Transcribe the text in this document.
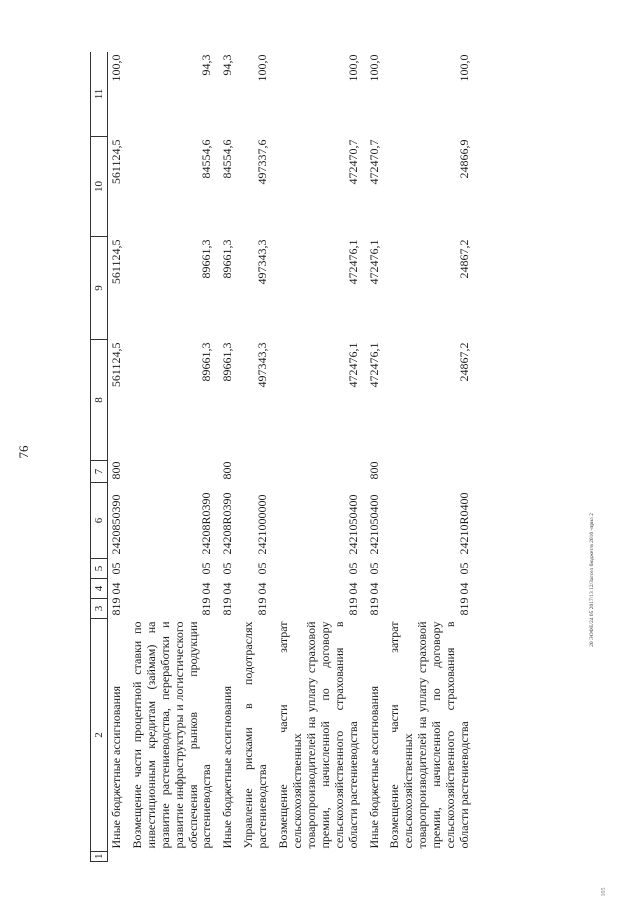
76
1	2	3	4	5	6	7	8	9	10	11
	Иные бюджетные ассигнования	819	04	05	2420850390	800	561124,5	561124,5	561124,5	100,0
	Возмещение части процентной ставки по инвестиционным кредитам (займам) на развитие растениеводства, переработки и развитие инфраструктуры и логистического обеспечения рынков продукции растениеводства	819	04	05	24208R0390		89661,3	89661,3	84554,6	94,3
	Иные бюджетные ассигнования	819	04	05	24208R0390	800	89661,3	89661,3	84554,6	94,3
	Управление рисками в подотраслях растениеводства	819	04	05	2421000000		497343,3	497343,3	497337,6	100,0
	Возмещение части затрат сельскохозяйственных товаропроизводителей на уплату страховой премии, начисленной по договору сельскохозяйственного страхования в области растениеводства	819	04	05	2421050400		472476,1	472476,1	472470,7	100,0
	Иные бюджетные ассигнования	819	04	05	2421050400	800	472476,1	472476,1	472470,7	100,0
	Возмещение части затрат сельскохозяйственных товаропроизводителей на уплату страховой премии, начисленной по договору сельскохозяйственного страхования в области растениеводства	819	04	05	24210R0400		24867,2	24867,2	24866,9	100,0
20 ЭОФЕ/24 05 2017/13 12/Загсел бюджет/в 2016 -прил 2
105
